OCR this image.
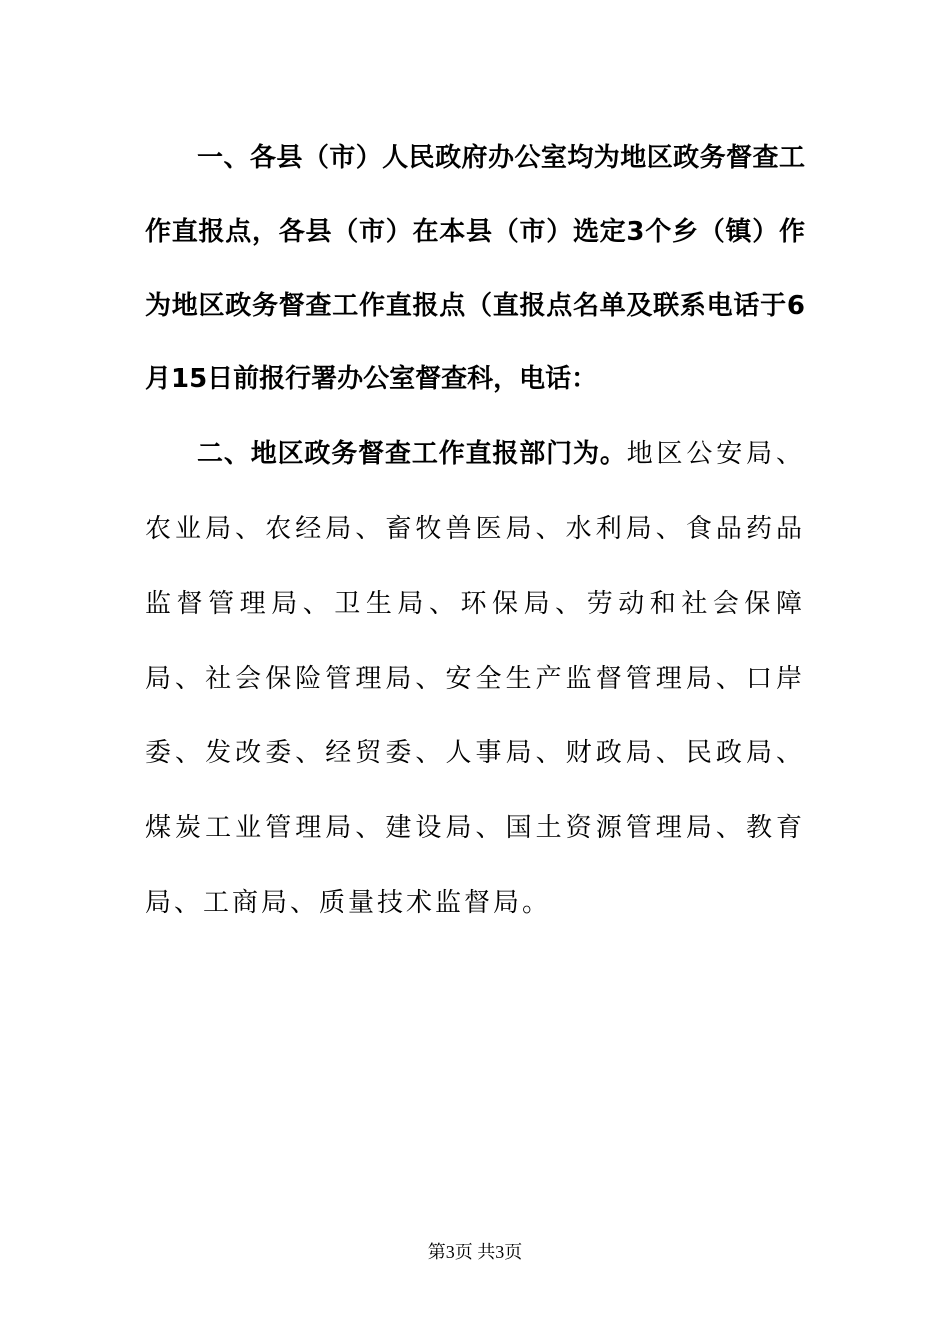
一、各县（市）人民政府办公室均为地区政务督查工作直报点，各县（市）在本县（市）选定3个乡（镇）作为地区政务督查工作直报点（直报点名单及联系电话于6月15日前报行署办公室督查科，电话：

二、地区政务督查工作直报部门为。地区公安局、农业局、农经局、畜牧兽医局、水利局、食品药品监督管理局、卫生局、环保局、劳动和社会保障局、社会保险管理局、安全生产监督管理局、口岸委、发改委、经贸委、人事局、财政局、民政局、煤炭工业管理局、建设局、国土资源管理局、教育局、工商局、质量技术监督局。

第3页 共3页
